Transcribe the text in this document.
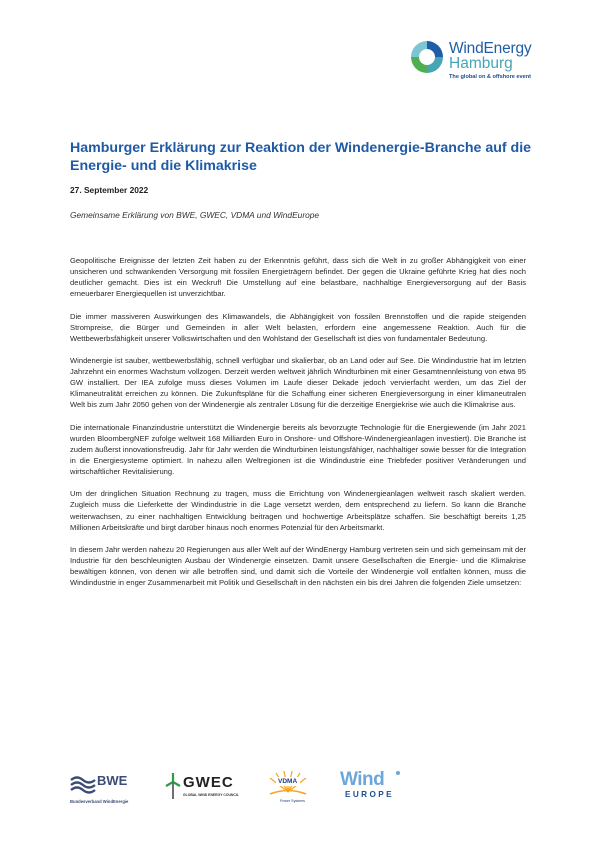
WindEnergy
Hamburg
The global on & offshore event
Hamburger Erklärung zur Reaktion der Windenergie-Branche auf die Energie- und die Klimakrise
27. September 2022
Gemeinsame Erklärung von BWE, GWEC, VDMA und WindEurope

Geopolitische Ereignisse der letzten Zeit haben zu der Erkenntnis geführt, dass sich die Welt in zu großer Abhängigkeit von einer unsicheren und schwankenden Versorgung mit fossilen Energieträgern befindet. Der gegen die Ukraine geführte Krieg hat dies noch deutlicher gemacht. Dies ist ein Weckruf! Die Umstellung auf eine belastbare, nachhaltige Energieversorgung auf der Basis erneuerbarer Energiequellen ist unverzichtbar.

Die immer massiveren Auswirkungen des Klimawandels, die Abhängigkeit von fossilen Brennstoffen und die rapide steigenden Strompreise, die Bürger und Gemeinden in aller Welt belasten, erfordern eine angemessene Reaktion. Auch für die Wettbewerbsfähigkeit unserer Volkswirtschaften und den Wohlstand der Gesellschaft ist dies von fundamentaler Bedeutung.

Windenergie ist sauber, wettbewerbsfähig, schnell verfügbar und skalierbar, ob an Land oder auf See. Die Windindustrie hat im letzten Jahrzehnt ein enormes Wachstum vollzogen. Derzeit werden weltweit jährlich Windturbinen mit einer Gesamtnennleistung von etwa 95 GW installiert. Der IEA zufolge muss dieses Volumen im Laufe dieser Dekade jedoch vervierfacht werden, um das Ziel der Klimaneutralität erreichen zu können. Die Zukunftspläne für die Schaffung einer sicheren Energieversorgung in einer klimaneutralen Welt bis zum Jahr 2050 gehen von der Windenergie als zentraler Lösung für die derzeitige Energiekrise wie auch die Klimakrise aus.

Die internationale Finanzindustrie unterstützt die Windenergie bereits als bevorzugte Technologie für die Energiewende (im Jahr 2021 wurden BloombergNEF zufolge weltweit 168 Milliarden Euro in Onshore- und Offshore-Windenergieanlagen investiert). Die Branche ist zudem äußerst innovationsfreudig. Jahr für Jahr werden die Windturbinen leistungsfähiger, nachhaltiger sowie besser für die Integration in die Energiesysteme optimiert. In nahezu allen Weltregionen ist die Windindustrie eine Triebfeder positiver Veränderungen und wirtschaftlicher Revitalisierung.

Um der dringlichen Situation Rechnung zu tragen, muss die Errichtung von Windenergieanlagen weltweit rasch skaliert werden. Zugleich muss die Lieferkette der Windindustrie in die Lage versetzt werden, dem entsprechend zu liefern. So kann die Branche weiterwachsen, zu einer nachhaltigen Entwicklung beitragen und hochwertige Arbeitsplätze schaffen. Sie beschäftigt bereits 1,25 Millionen Arbeitskräfte und birgt darüber hinaus noch enormes Potenzial für den Arbeitsmarkt.

In diesem Jahr werden nahezu 20 Regierungen aus aller Welt auf der WindEnergy Hamburg vertreten sein und sich gemeinsam mit der Industrie für den beschleunigten Ausbau der Windenergie einsetzen. Damit unsere Gesellschaften die Energie- und die Klimakrise bewältigen können, von denen wir alle betroffen sind, und damit sich die Vorteile der Windenergie voll entfalten können, muss die Windindustrie in enger Zusammenarbeit mit Politik und Gesellschaft in den nächsten ein bis drei Jahren die folgenden Ziele umsetzen:

BWE
Bundesverband WindEnergie
GWEC
GLOBAL WIND ENERGY COUNCIL
VDMA
Power Systems
Wind
EUROPE
